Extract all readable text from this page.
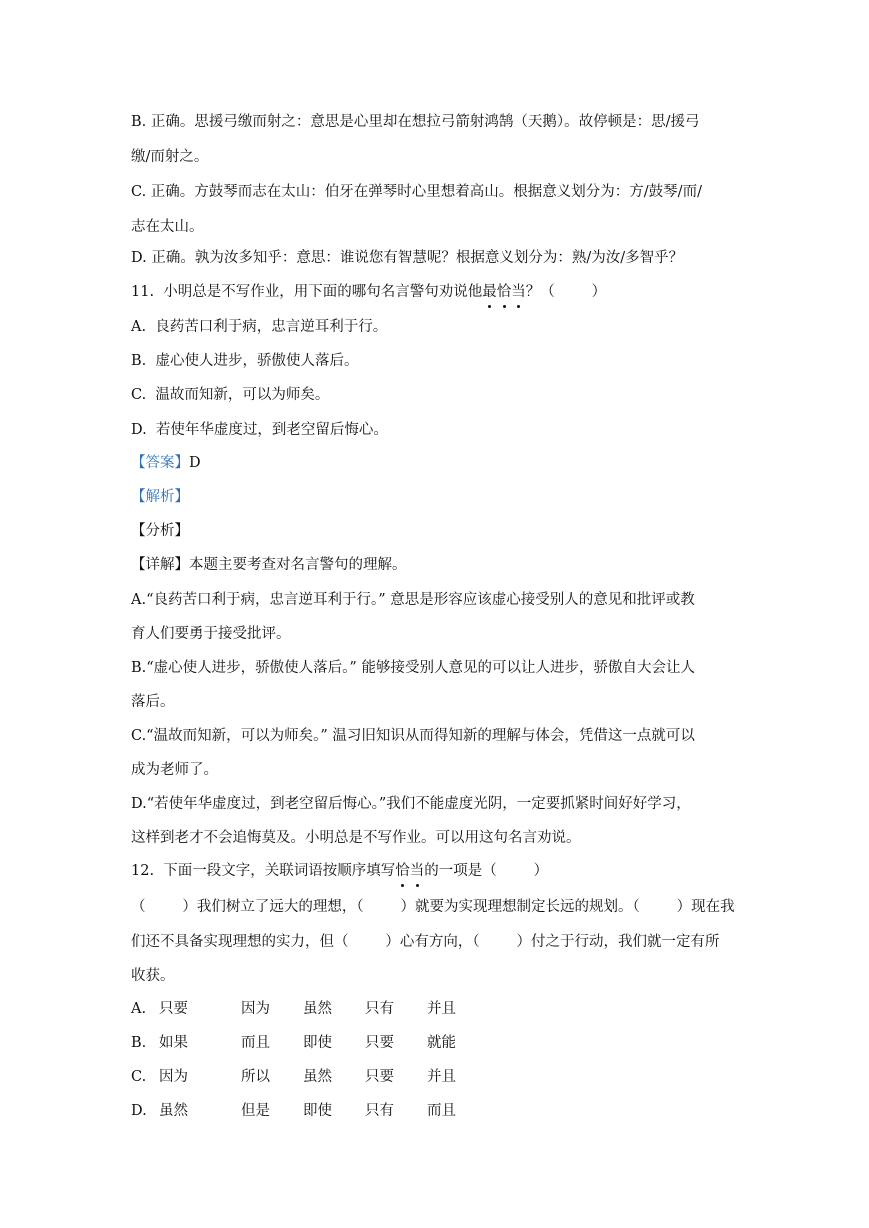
B. 正确。思援弓缴而射之：意思是心里却在想拉弓箭射鸿鹄（天鹅）。故停顿是：思/援弓
缴/而射之。
C. 正确。方鼓琴而志在太山：伯牙在弹琴时心里想着高山。根据意义划分为：方/鼓琴/而/
志在太山。
D. 正确。孰为汝多知乎：意思：谁说您有智慧呢？根据意义划分为：熟/为汝/多智乎？
11.  小明总是不写作业，用下面的哪句名言警句劝说他最恰当？（        ）
A.  良药苦口利于病，忠言逆耳利于行。
B.  虚心使人进步，骄傲使人落后。
C.  温故而知新，可以为师矣。
D.  若使年华虚度过，到老空留后悔心。
【答案】D
【解析】
【分析】
【详解】本题主要考查对名言警句的理解。
A.“良药苦口利于病，忠言逆耳利于行。” 意思是形容应该虚心接受别人的意见和批评或教
育人们要勇于接受批评。
B.“虚心使人进步，骄傲使人落后。” 能够接受别人意见的可以让人进步，骄傲自大会让人
落后。
C.“温故而知新，可以为师矣。” 温习旧知识从而得知新的理解与体会，凭借这一点就可以
成为老师了。
D.“若使年华虚度过，到老空留后悔心。”我们不能虚度光阴，一定要抓紧时间好好学习，
这样到老才不会追悔莫及。小明总是不写作业。可以用这句名言劝说。
12.  下面一段文字，关联词语按顺序填写恰当的一项是（        ）
（        ）我们树立了远大的理想，（        ）就要为实现理想制定长远的规划。（        ）现在我
们还不具备实现理想的实力，但（        ）心有方向，（        ）付之于行动，我们就一定有所
收获。
A. 只要	因为 虽然 只有 并且
B. 如果	而且 即使 只要 就能
C. 因为	所以 虽然 只要 并且
D. 虽然	但是 即使 只有 而且
